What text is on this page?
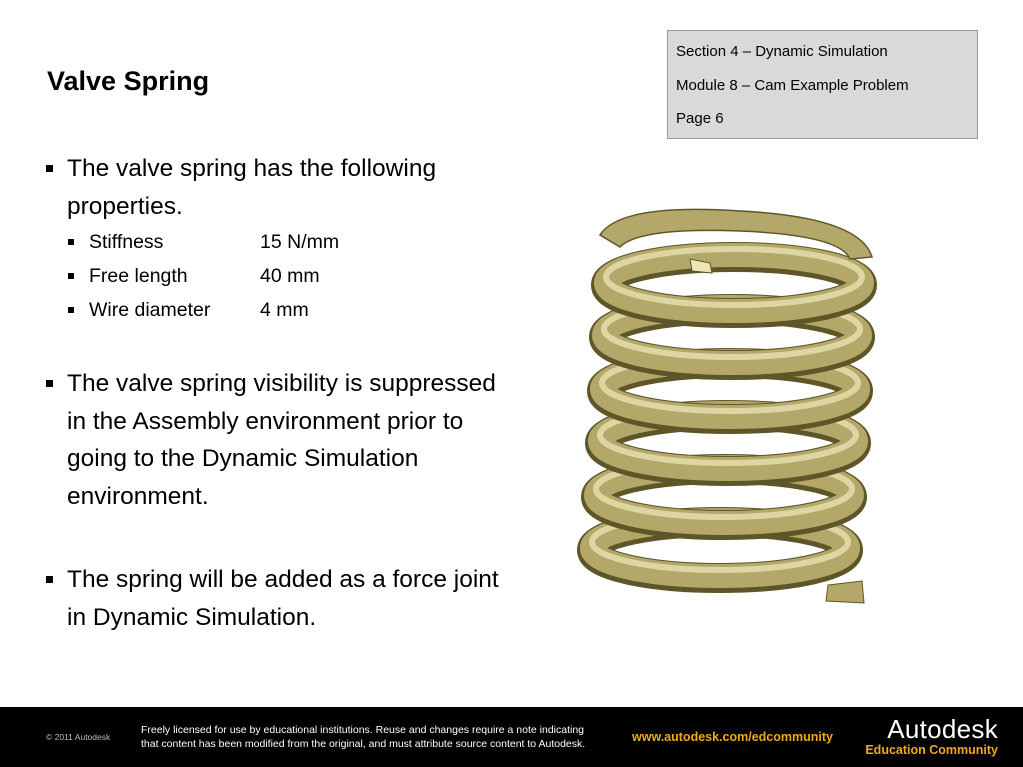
Valve Spring
Section 4 – Dynamic Simulation
Module 8 – Cam Example Problem
Page 6
The valve spring has the following properties.
Stiffness	15 N/mm
Free length	40 mm
Wire diameter	4 mm
The valve spring visibility is suppressed in the Assembly environment prior to going to the Dynamic Simulation environment.
The spring will be added as a force joint in Dynamic Simulation.
© 2011 Autodesk
Freely licensed for use by educational institutions. Reuse and changes require a note indicating
that content has been modified from the original, and must attribute source content to Autodesk.	www.autodesk.com/edcommunity	Autodesk
Education Community
